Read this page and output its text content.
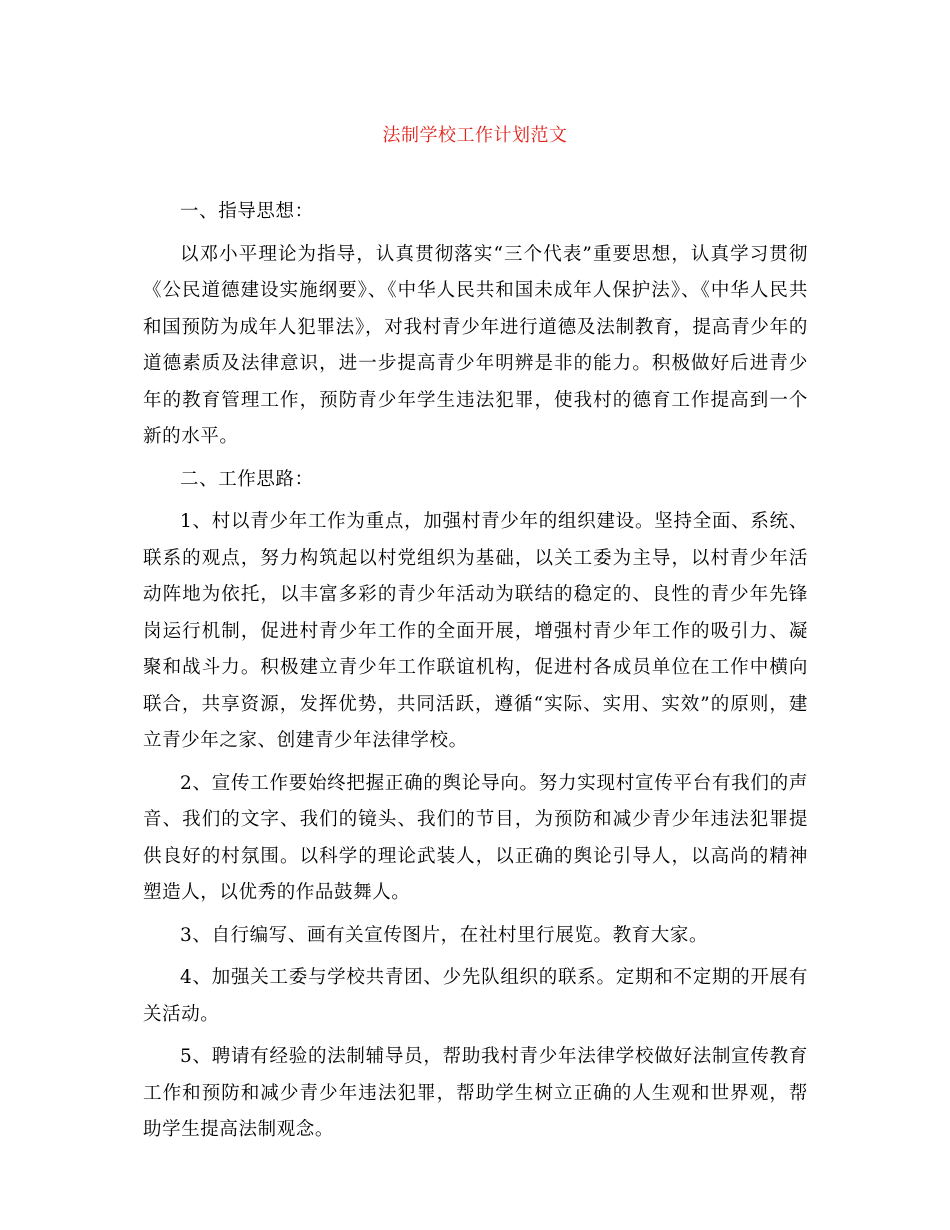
法制学校工作计划范文

一、指导思想：

以邓小平理论为指导，认真贯彻落实“三个代表”重要思想，认真学习贯彻《公民道德建设实施纲要》、《中华人民共和国未成年人保护法》、《中华人民共和国预防为成年人犯罪法》，对我村青少年进行道德及法制教育，提高青少年的道德素质及法律意识，进一步提高青少年明辨是非的能力。积极做好后进青少年的教育管理工作，预防青少年学生违法犯罪，使我村的德育工作提高到一个新的水平。

二、工作思路：

1、村以青少年工作为重点，加强村青少年的组织建设。坚持全面、系统、联系的观点，努力构筑起以村党组织为基础，以关工委为主导，以村青少年活动阵地为依托，以丰富多彩的青少年活动为联结的稳定的、良性的青少年先锋岗运行机制，促进村青少年工作的全面开展，增强村青少年工作的吸引力、凝聚和战斗力。积极建立青少年工作联谊机构，促进村各成员单位在工作中横向联合，共享资源，发挥优势，共同活跃，遵循“实际、实用、实效”的原则，建立青少年之家、创建青少年法律学校。

2、宣传工作要始终把握正确的舆论导向。努力实现村宣传平台有我们的声音、我们的文字、我们的镜头、我们的节目，为预防和减少青少年违法犯罪提供良好的村氛围。以科学的理论武装人，以正确的舆论引导人，以高尚的精神塑造人，以优秀的作品鼓舞人。

3、自行编写、画有关宣传图片，在社村里行展览。教育大家。

4、加强关工委与学校共青团、少先队组织的联系。定期和不定期的开展有关活动。

5、聘请有经验的法制辅导员，帮助我村青少年法律学校做好法制宣传教育工作和预防和减少青少年违法犯罪，帮助学生树立正确的人生观和世界观，帮助学生提高法制观念。
